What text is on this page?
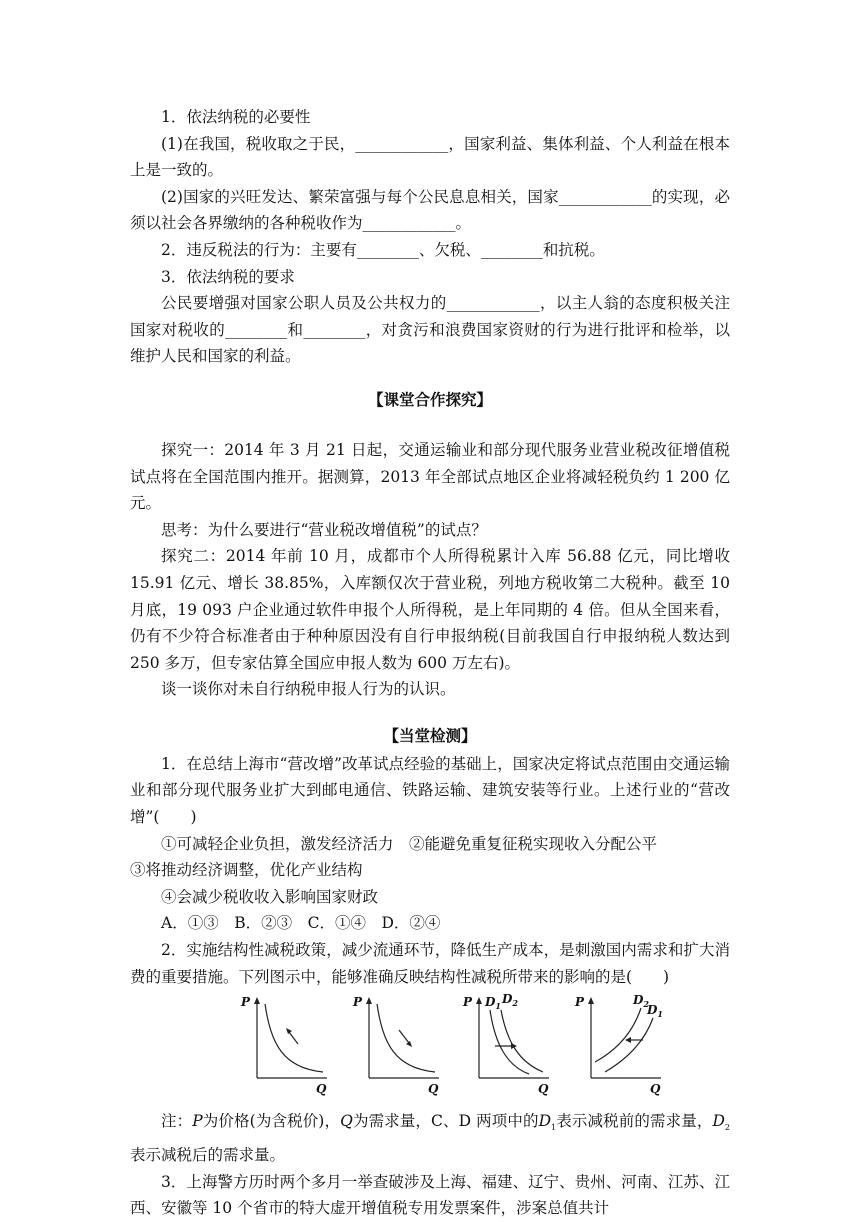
1．依法纳税的必要性

(1)在我国，税收取之于民，____________，国家利益、集体利益、个人利益在根本上是一致的。

(2)国家的兴旺发达、繁荣富强与每个公民息息相关，国家____________的实现，必须以社会各界缴纳的各种税收作为____________。

2．违反税法的行为：主要有________、欠税、________和抗税。

3．依法纳税的要求

公民要增强对国家公职人员及公共权力的____________，以主人翁的态度积极关注国家对税收的________和________，对贪污和浪费国家资财的行为进行批评和检举，以维护人民和国家的利益。

【课堂合作探究】

探究一：2014 年 3 月 21 日起，交通运输业和部分现代服务业营业税改征增值税试点将在全国范围内推开。据测算，2013 年全部试点地区企业将减轻税负约 1 200 亿元。

思考：为什么要进行“营业税改增值税”的试点？

探究二：2014 年前 10 月，成都市个人所得税累计入库 56.88 亿元，同比增收 15.91 亿元、增长 38.85%，入库额仅次于营业税，列地方税收第二大税种。截至 10 月底，19 093 户企业通过软件申报个人所得税，是上年同期的 4 倍。但从全国来看，仍有不少符合标准者由于种种原因没有自行申报纳税(目前我国自行申报纳税人数达到 250 多万，但专家估算全国应申报人数为 600 万左右)。

谈一谈你对未自行纳税申报人行为的认识。

【当堂检测】

1．在总结上海市“营改增”改革试点经验的基础上，国家决定将试点范围由交通运输业和部分现代服务业扩大到邮电通信、铁路运输、建筑安装等行业。上述行业的“营改增”(　　)

①可减轻企业负担，激发经济活力　②能避免重复征税实现收入分配公平

③将推动经济调整，优化产业结构

④会减少税收收入影响国家财政

A．①③　B．②③　C．①④　D．②④

2．实施结构性减税政策，减少流通环节，降低生产成本，是刺激国内需求和扩大消费的重要措施。下列图示中，能够准确反映结构性减税所带来的影响的是(　　)

P
Q
P
Q
P
Q
$D_1$ $D_2$	P
Q
$D_2$
$D_1$

注：P为价格(为含税价)，Q为需求量，C、D 两项中的$D_1$表示减税前的需求量，$D_2$表示减税后的需求量。

3．上海警方历时两个多月一举查破涉及上海、福建、辽宁、贵州、河南、江苏、江西、安徽等 10 个省市的特大虚开增值税专用发票案件，涉案总值共计
